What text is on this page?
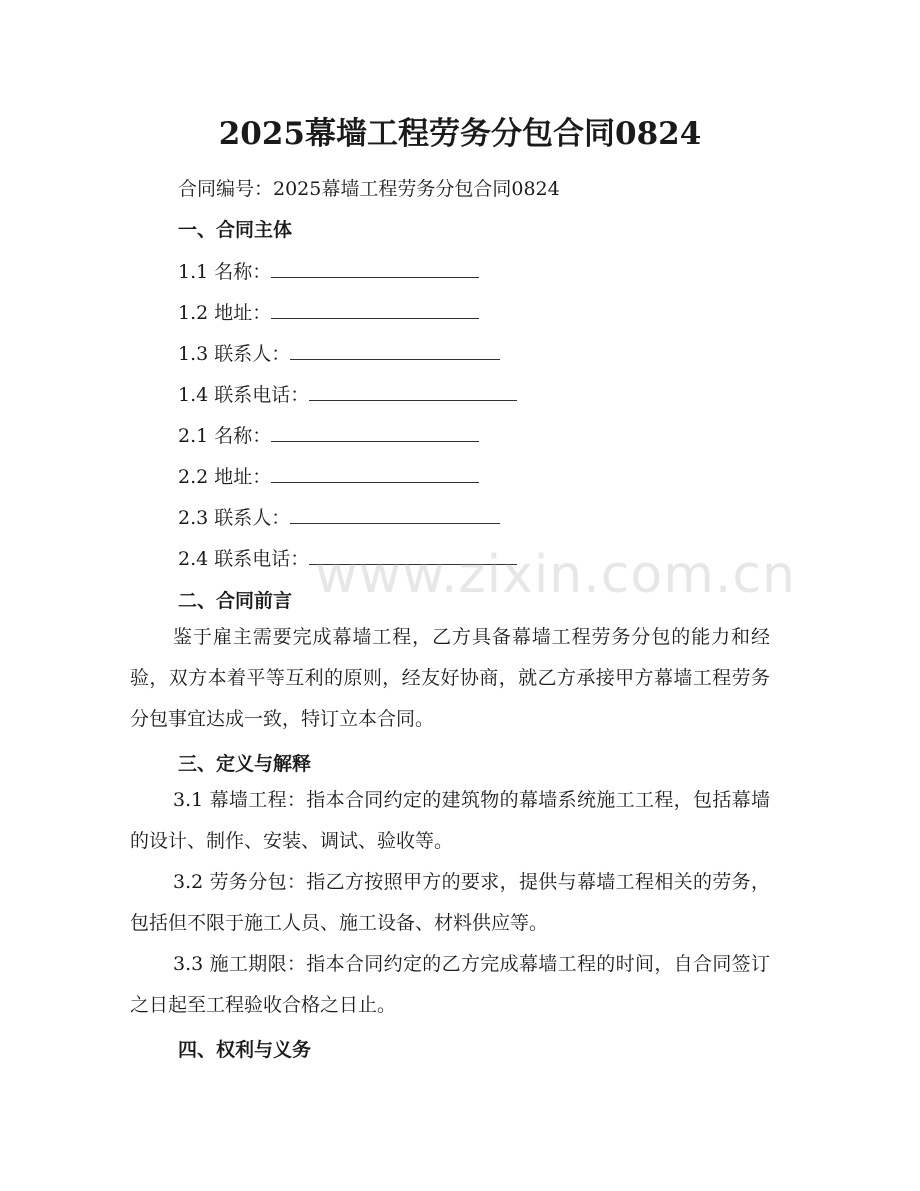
2025幕墙工程劳务分包合同0824
合同编号：2025幕墙工程劳务分包合同0824
一、合同主体
1.1 名称：
1.2 地址：
1.3 联系人：
1.4 联系电话：
2.1 名称：
2.2 地址：
2.3 联系人：
2.4 联系电话：
二、合同前言
鉴于雇主需要完成幕墙工程，乙方具备幕墙工程劳务分包的能力和经验，双方本着平等互利的原则，经友好协商，就乙方承接甲方幕墙工程劳务分包事宜达成一致，特订立本合同。
三、定义与解释
3.1 幕墙工程：指本合同约定的建筑物的幕墙系统施工工程，包括幕墙的设计、制作、安装、调试、验收等。
3.2 劳务分包：指乙方按照甲方的要求，提供与幕墙工程相关的劳务，包括但不限于施工人员、施工设备、材料供应等。
3.3 施工期限：指本合同约定的乙方完成幕墙工程的时间，自合同签订之日起至工程验收合格之日止。
四、权利与义务
www.zixin.com.cn
